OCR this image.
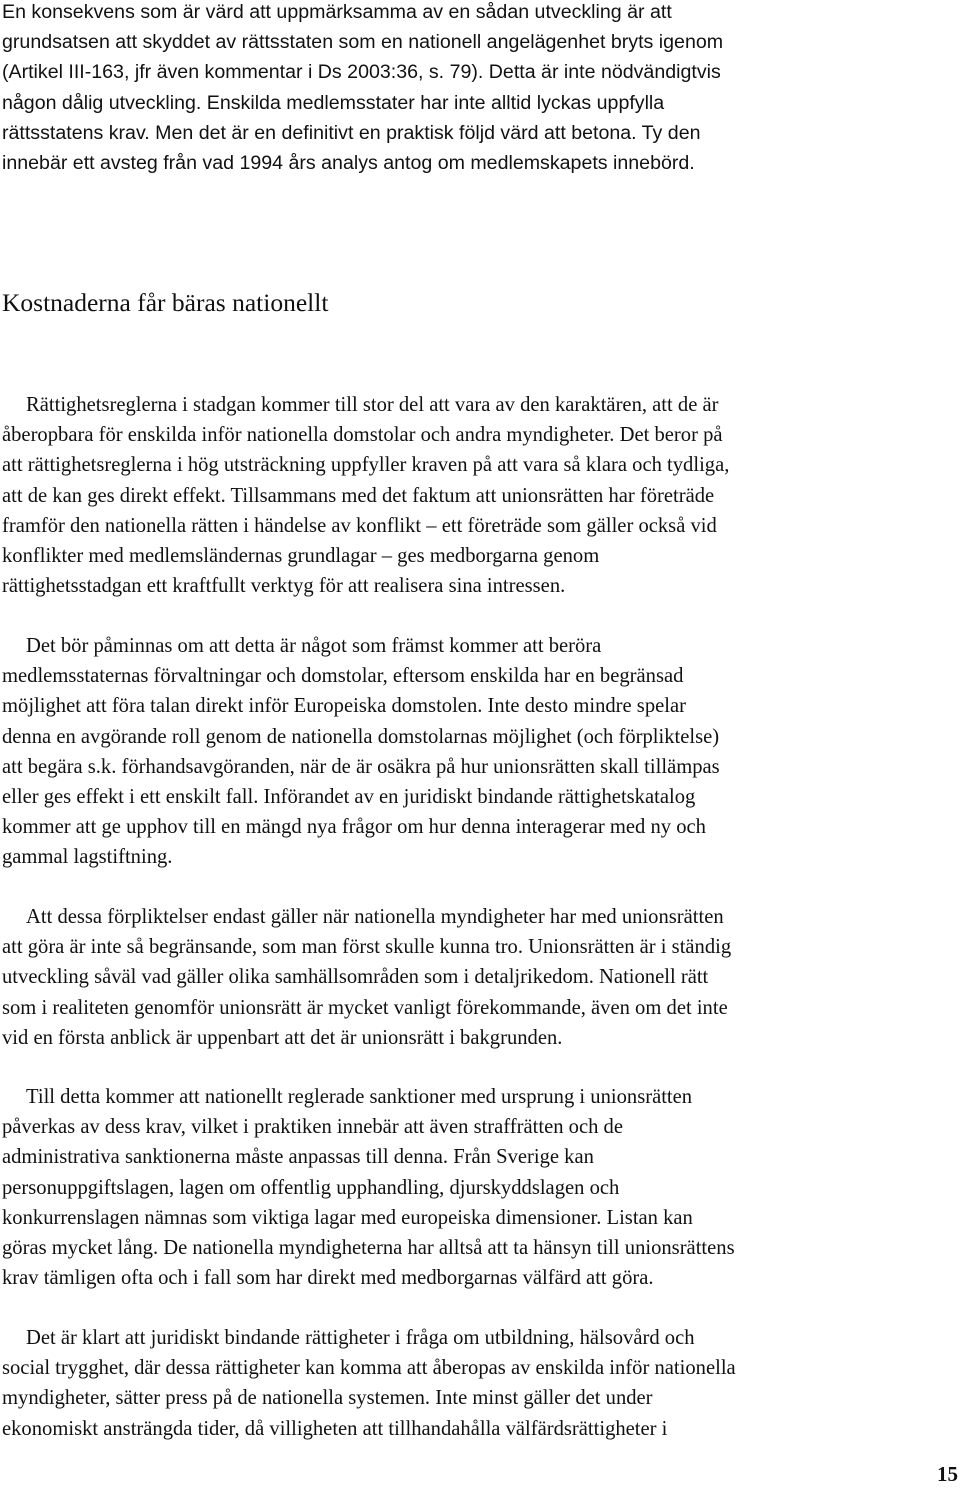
En konsekvens som är värd att uppmärksamma av en sådan utveckling är att
grundsatsen att skyddet av rättsstaten som en nationell angelägenhet bryts igenom
(Artikel III-163, jfr även kommentar i Ds 2003:36, s. 79). Detta är inte nödvändigtvis
någon dålig utveckling. Enskilda medlemsstater har inte alltid lyckas uppfylla
rättsstatens krav. Men det är en definitivt en praktisk följd värd att betona. Ty den
innebär ett avsteg från vad 1994 års analys antog om medlemskapets innebörd.

Kostnaderna får bäras nationellt

Rättighetsreglerna i stadgan kommer till stor del att vara av den karaktären, att de är
åberopbara för enskilda inför nationella domstolar och andra myndigheter. Det beror på
att rättighetsreglerna i hög utsträckning uppfyller kraven på att vara så klara och tydliga,
att de kan ges direkt effekt. Tillsammans med det faktum att unionsrätten har företräde
framför den nationella rätten i händelse av konflikt – ett företräde som gäller också vid
konflikter med medlemsländernas grundlagar – ges medborgarna genom
rättighetsstadgan ett kraftfullt verktyg för att realisera sina intressen.

Det bör påminnas om att detta är något som främst kommer att beröra
medlemsstaternas förvaltningar och domstolar, eftersom enskilda har en begränsad
möjlighet att föra talan direkt inför Europeiska domstolen. Inte desto mindre spelar
denna en avgörande roll genom de nationella domstolarnas möjlighet (och förpliktelse)
att begära s.k. förhandsavgöranden, när de är osäkra på hur unionsrätten skall tillämpas
eller ges effekt i ett enskilt fall. Införandet av en juridiskt bindande rättighetskatalog
kommer att ge upphov till en mängd nya frågor om hur denna interagerar med ny och
gammal lagstiftning.

Att dessa förpliktelser endast gäller när nationella myndigheter har med unionsrätten
att göra är inte så begränsande, som man först skulle kunna tro. Unionsrätten är i ständig
utveckling såväl vad gäller olika samhällsområden som i detaljrikedom. Nationell rätt
som i realiteten genomför unionsrätt är mycket vanligt förekommande, även om det inte
vid en första anblick är uppenbart att det är unionsrätt i bakgrunden.

Till detta kommer att nationellt reglerade sanktioner med ursprung i unionsrätten
påverkas av dess krav, vilket i praktiken innebär att även straffrätten och de
administrativa sanktionerna måste anpassas till denna. Från Sverige kan
personuppgiftslagen, lagen om offentlig upphandling, djurskyddslagen och
konkurrenslagen nämnas som viktiga lagar med europeiska dimensioner. Listan kan
göras mycket lång. De nationella myndigheterna har alltså att ta hänsyn till unionsrättens
krav tämligen ofta och i fall som har direkt med medborgarnas välfärd att göra.

Det är klart att juridiskt bindande rättigheter i fråga om utbildning, hälsovård och
social trygghet, där dessa rättigheter kan komma att åberopas av enskilda inför nationella
myndigheter, sätter press på de nationella systemen. Inte minst gäller det under
ekonomiskt ansträngda tider, då villigheten att tillhandahålla välfärdsrättigheter i

15
